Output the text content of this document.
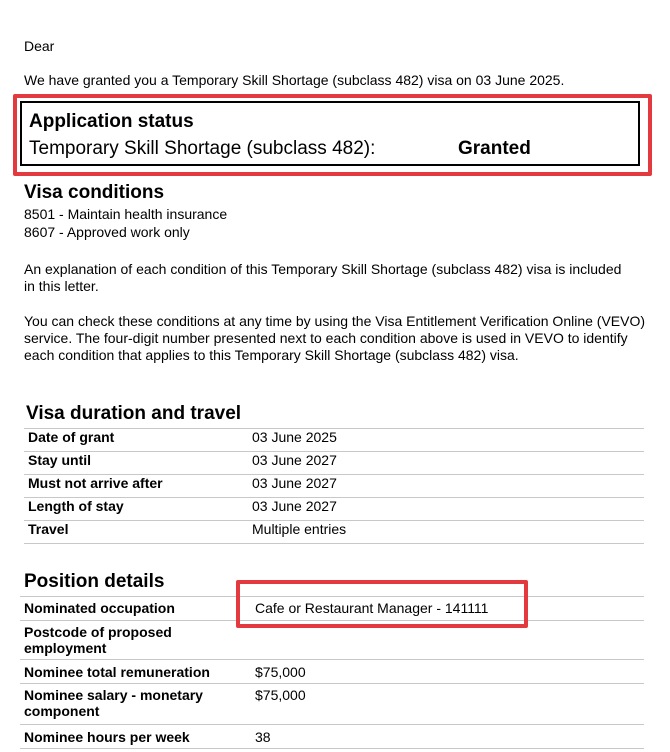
Dear
We have granted you a Temporary Skill Shortage (subclass 482) visa on 03 June 2025.
Application status
Temporary Skill Shortage (subclass 482):	Granted
Visa conditions
8501 - Maintain health insurance
8607 - Approved work only
An explanation of each condition of this Temporary Skill Shortage (subclass 482) visa is included in this letter.
You can check these conditions at any time by using the Visa Entitlement Verification Online (VEVO) service. The four-digit number presented next to each condition above is used in VEVO to identify each condition that applies to this Temporary Skill Shortage (subclass 482) visa.
Visa duration and travel
Date of grant	03 June 2025
Stay until	03 June 2027
Must not arrive after	03 June 2027
Length of stay	03 June 2027
Travel	Multiple entries
Position details
Nominated occupation	Cafe or Restaurant Manager - 141111
Postcode of proposed employment	
Nominee total remuneration	$75,000
Nominee salary - monetary component	$75,000
Nominee hours per week	38
